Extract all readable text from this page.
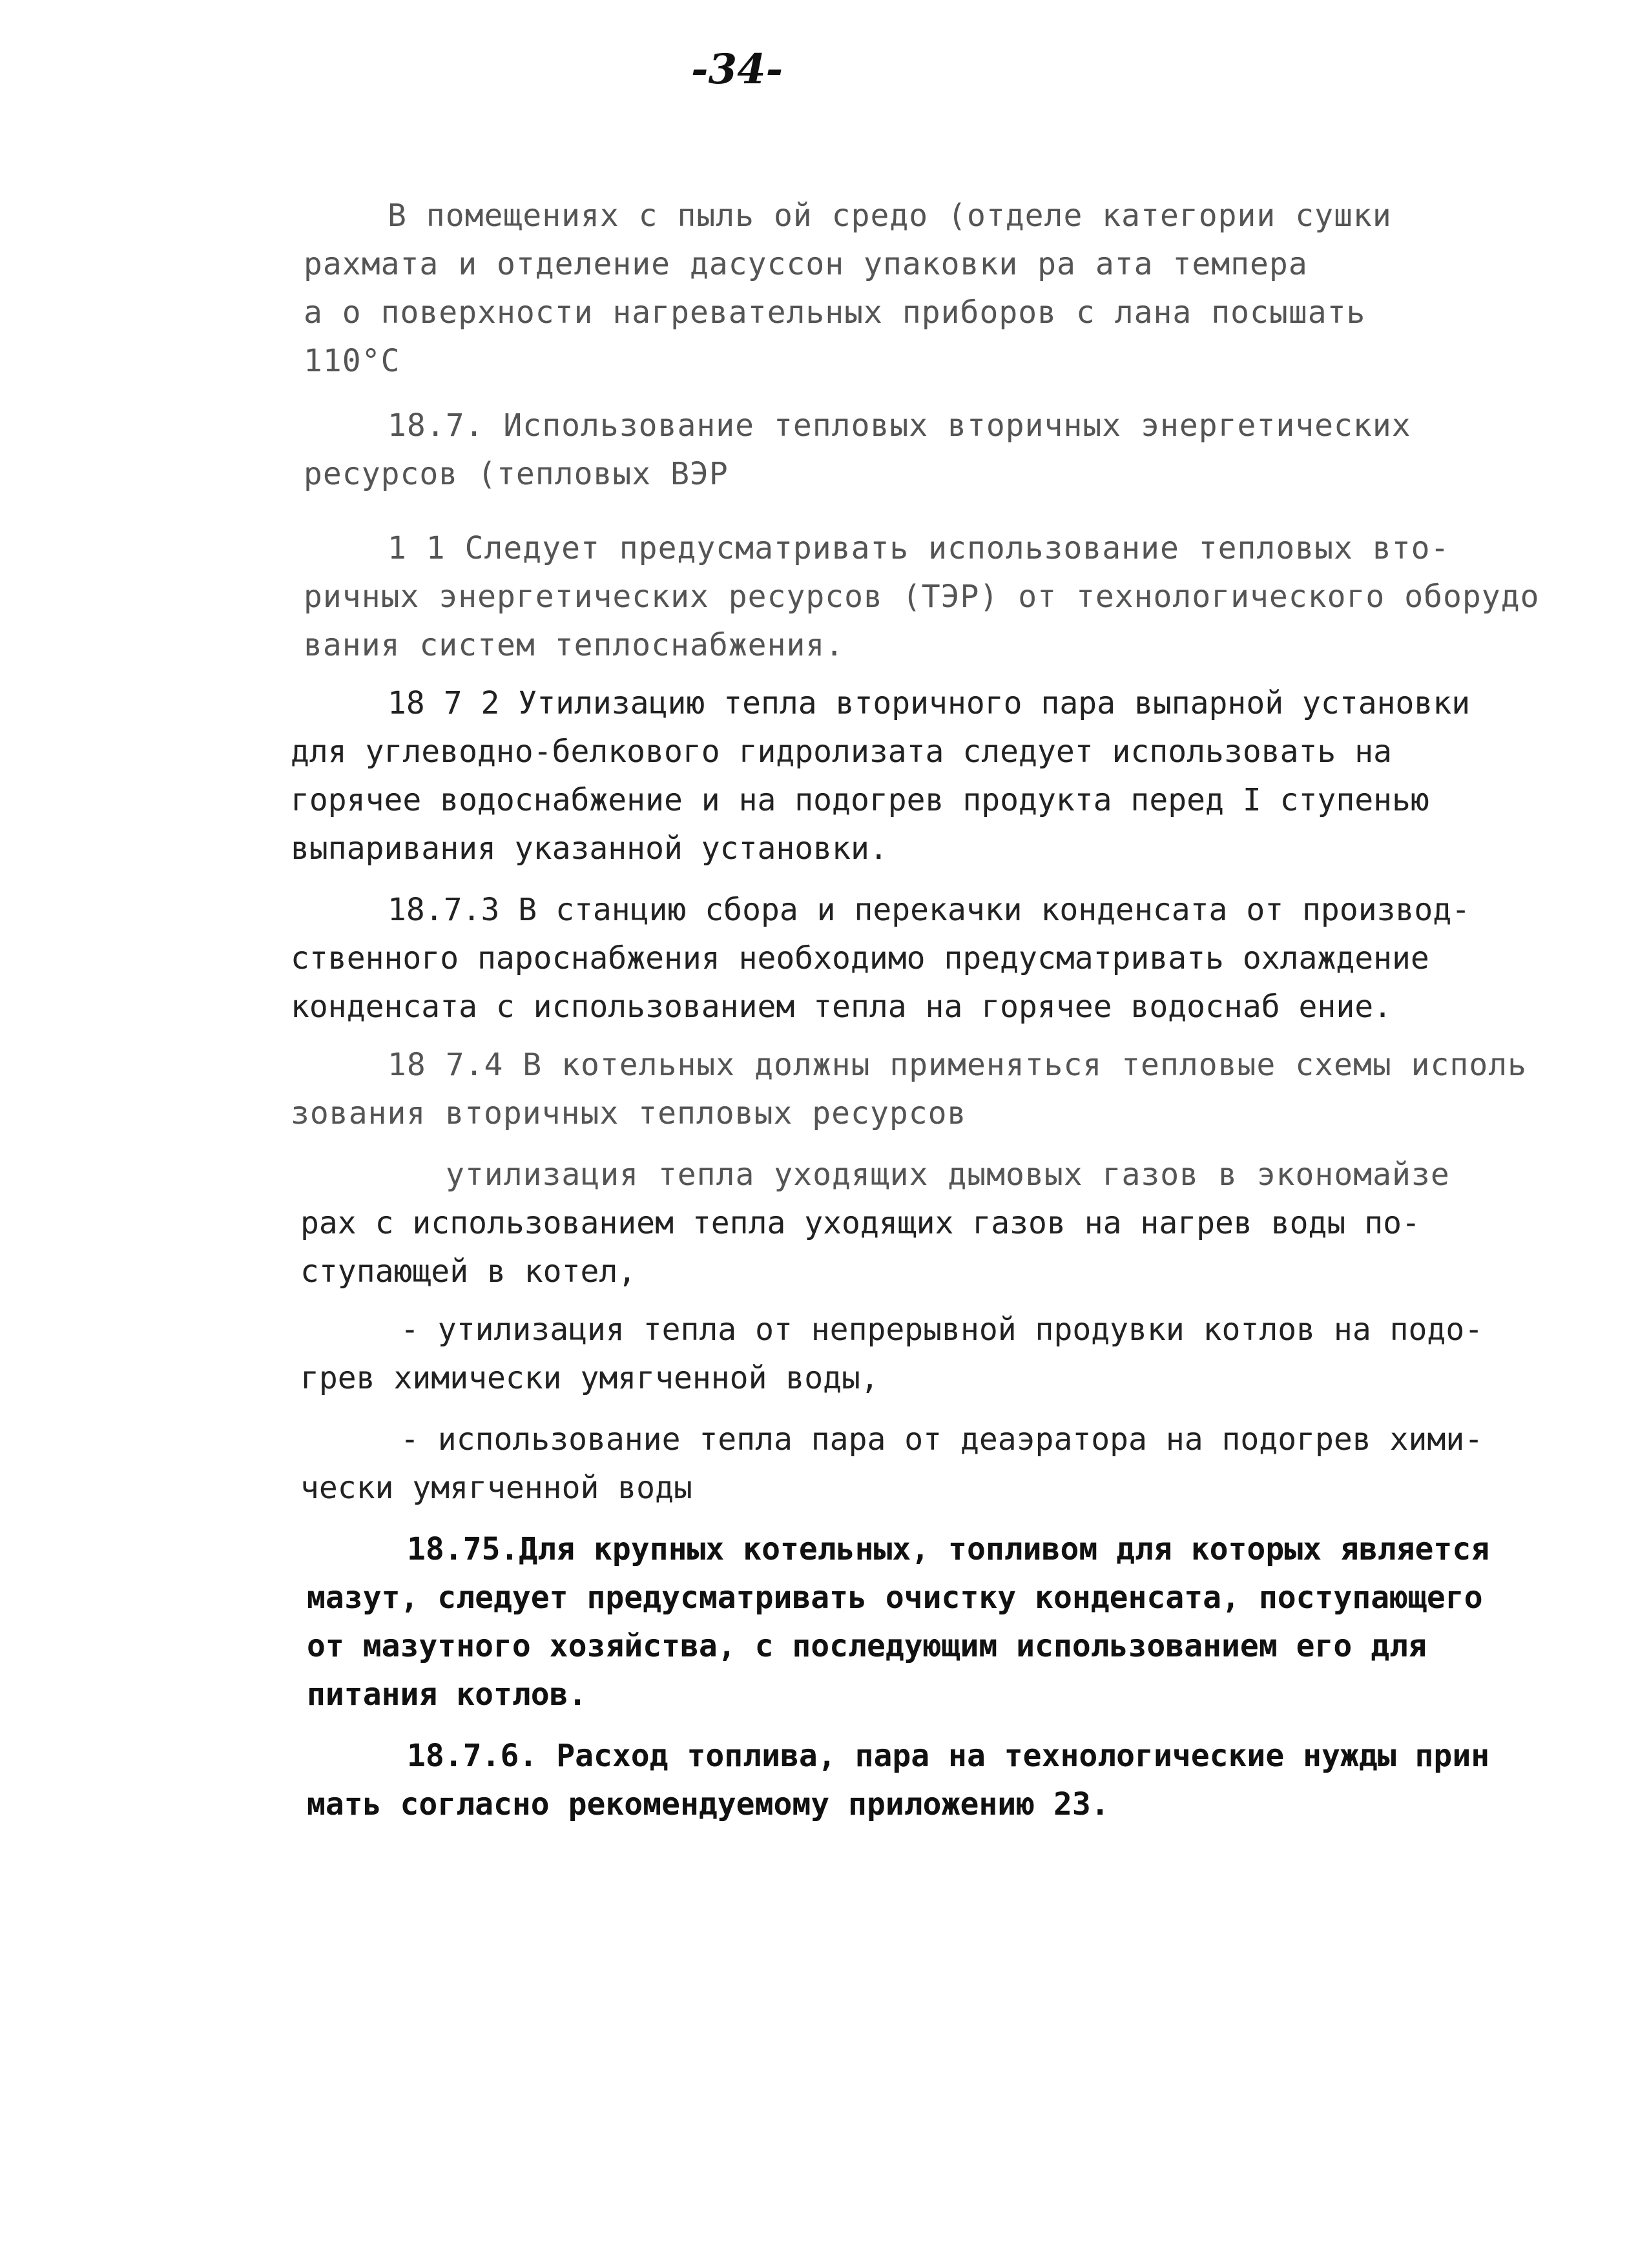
-34-
В помещениях с пыль ой средо (отделе категории сушки
рахмата и отделение дасусcон упаковки ра ата темпера
а о поверхности нагревательных приборов с лана посышать
110°С
18.7. Использование тепловых вторичных энергетических
ресурсов (тепловых ВЭР
1 1 Следует предусматривать использование тепловых вто-
ричных энергетических ресурсов (ТЭР) от технологического оборудо
вания систем теплоснабжения.
18 7 2 Утилизацию тепла вторичного пара выпарной установки
для углеводно-белкового гидролизата следует использовать на
горячее водоснабжение и на подогрев продукта перед I ступенью
выпаривания указанной установки.
18.7.3 В станцию сбора и перекачки конденсата от производ-
ственного пароснабжения необходимо предусматривать охлаждение
конденсата с использованием тепла на горячее водоснаб ение.
18 7.4 В котельных должны применяться тепловые схемы исполь
зования вторичных тепловых ресурсов
утилизация тепла уходящих дымовых газов в экономайзе
рах с использованием тепла уходящих газов на нагрев воды по-
ступающей в котел,
- утилизация тепла от непрерывной продувки котлов на подо-
грев химически умягченной воды,
- использование тепла пара от деаэратора на подогрев хими-
чески умягченной воды
18.75.Для крупных котельных, топливом для которых является
мазут, следует предусматривать очистку конденсата, поступающего
от мазутного хозяйства, с последующим использованием его для
питания котлов.
18.7.6. Расход топлива, пара на технологические нужды прин
мать согласно рекомендуемому приложению 23.
